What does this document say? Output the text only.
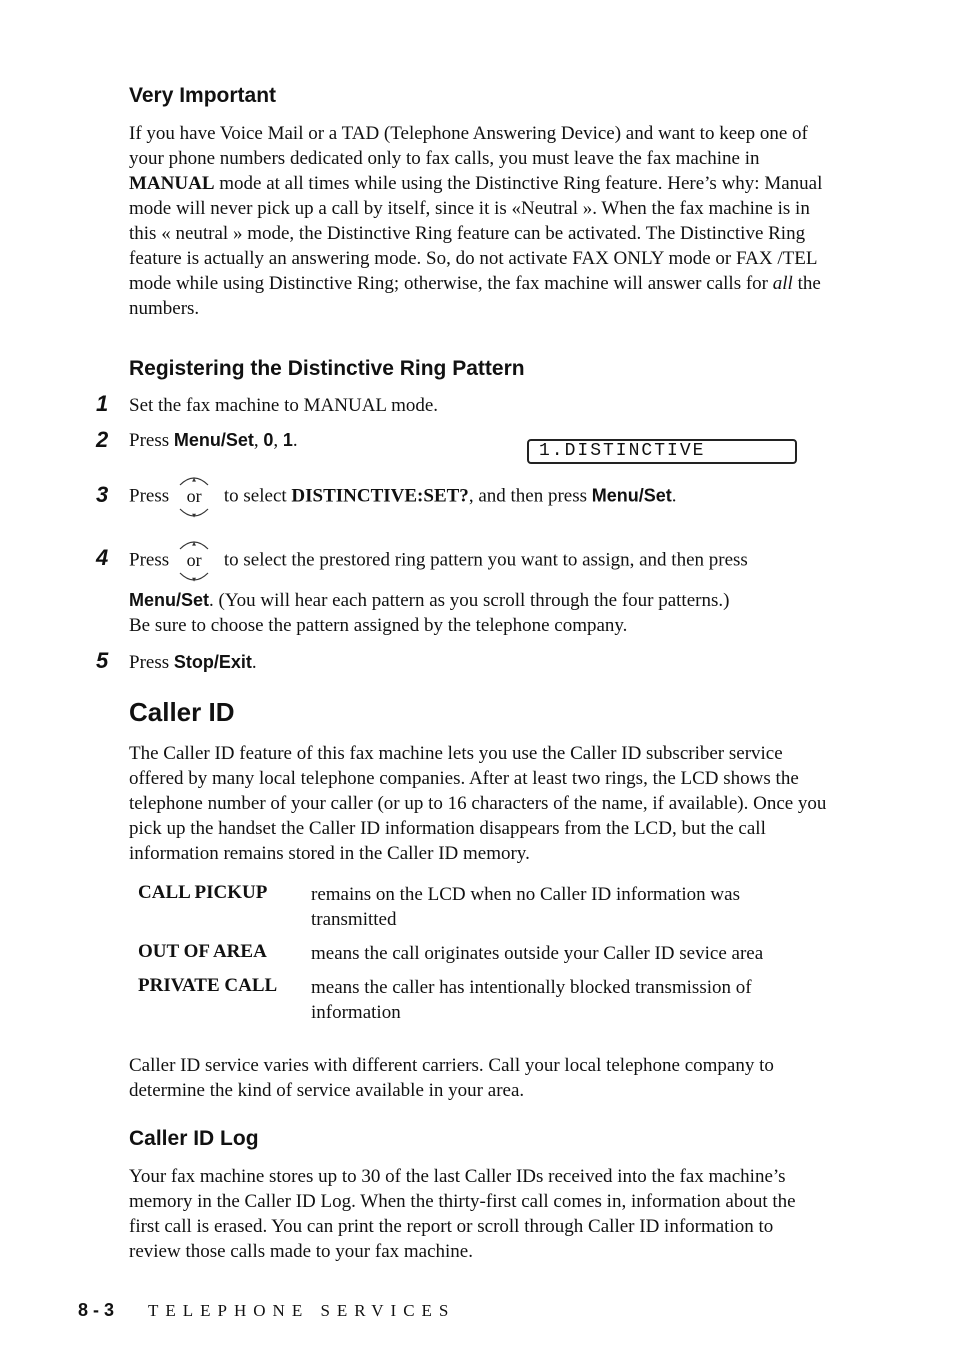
Very Important

If you have Voice Mail or a TAD (Telephone Answering Device) and want to keep one of your phone numbers dedicated only to fax calls, you must leave the fax machine in MANUAL mode at all times while using the Distinctive Ring feature. Here’s why: Manual mode will never pick up a call by itself, since it is «Neutral ». When the fax machine is in this « neutral » mode, the Distinctive Ring feature can be activated. The Distinctive Ring feature is actually an answering mode. So, do not activate FAX ONLY mode or FAX /TEL mode while using Distinctive Ring; otherwise, the fax machine will answer calls for all the numbers.

Registering the Distinctive Ring Pattern
1 Set the fax machine to MANUAL mode.
2 Press Menu/Set, 0, 1.	1.DISTINCTIVE
3 Press
▲
▼
or to select DISTINCTIVE:SET?, and then press Menu/Set.
4 Press
▲
▼
or to select the prestored ring pattern you want to assign, and then press
Menu/Set. (You will hear each pattern as you scroll through the four patterns.)
Be sure to choose the pattern assigned by the telephone company.
5 Press Stop/Exit.
Caller ID

The Caller ID feature of this fax machine lets you use the Caller ID subscriber service offered by many local telephone companies. After at least two rings, the LCD shows the telephone number of your caller (or up to 16 characters of the name, if available). Once you pick up the handset the Caller ID information disappears from the LCD, but the call information remains stored in the Caller ID memory.

CALL PICKUP remains on the LCD when no Caller ID information was transmitted
OUT OF AREA means the call originates outside your Caller ID sevice area
PRIVATE CALL means the caller has intentionally blocked transmission of information

Caller ID service varies with different carriers. Call your local telephone company to determine the kind of service available in your area.

Caller ID Log

Your fax machine stores up to 30 of the last Caller IDs received into the fax machine’s memory in the Caller ID Log. When the thirty-first call comes in, information about the first call is erased. You can print the report or scroll through Caller ID information to review those calls made to your fax machine.

8 - 3 TELEPHONE SERVICES
